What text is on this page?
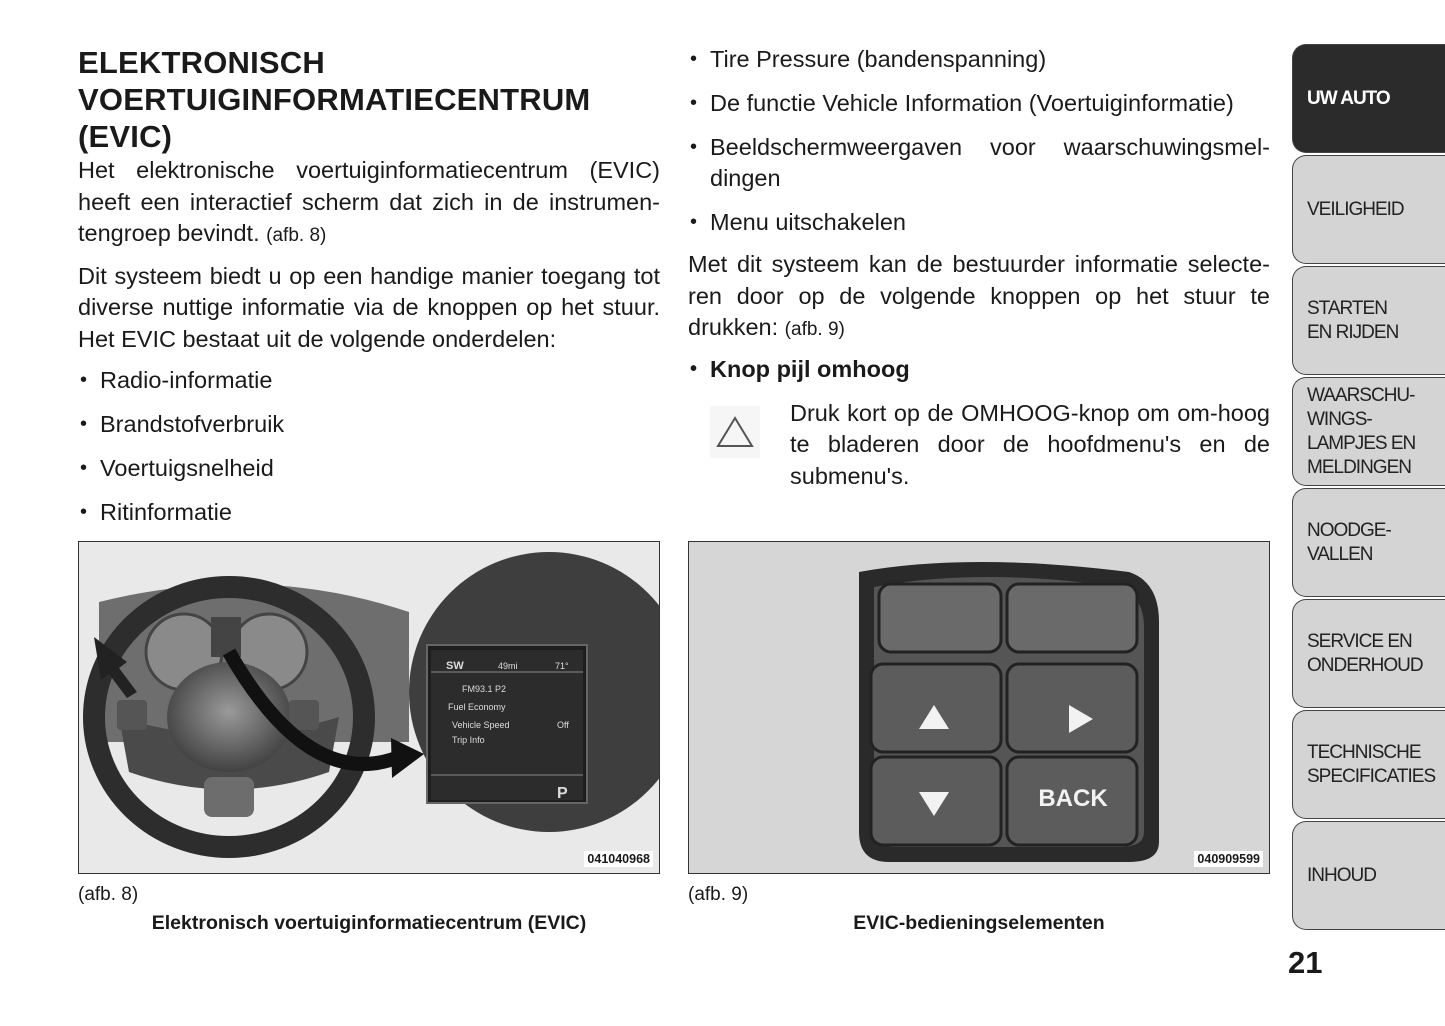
ELEKTRONISCH
VOERTUIGINFORMATIECENTRUM
(EVIC)

Het elektronische voertuiginformatiecentrum (EVIC) heeft een interactief scherm dat zich in de instrumen-tengroep bevindt. (afb. 8)

Dit systeem biedt u op een handige manier toegang tot diverse nuttige informatie via de knoppen op het stuur. Het EVIC bestaat uit de volgende onderdelen:

• Radio-informatie
• Brandstofverbruik
• Voertuigsnelheid
• Ritinformatie
• Tire Pressure (bandenspanning)
• De functie Vehicle Information (Voertuiginformatie)
• Beeldschermweergaven voor waarschuwingsmel-dingen
• Menu uitschakelen

Met dit systeem kan de bestuurder informatie selecte-ren door op de volgende knoppen op het stuur te drukken: (afb. 9)

• Knop pijl omhoog

Druk kort op de OMHOOG-knop om om-hoog te bladeren door de hoofdmenu's en de submenu's.

SW	49mi	71°
FM93.1 P2
Fuel Economy
Vehicle Speed	Off
Trip Info
P
041040968
(afb. 8)
Elektronisch voertuiginformatiecentrum (EVIC)
BACK
040909599
(afb. 9)
EVIC-bedieningselementen
UW AUTO
VEILIGHEID
STARTEN
EN RIJDEN
WAARSCHU-
WINGS-
LAMPJES EN
MELDINGEN
NOODGE-
VALLEN
SERVICE EN
ONDERHOUD
TECHNISCHE
SPECIFICATIES
INHOUD
21
